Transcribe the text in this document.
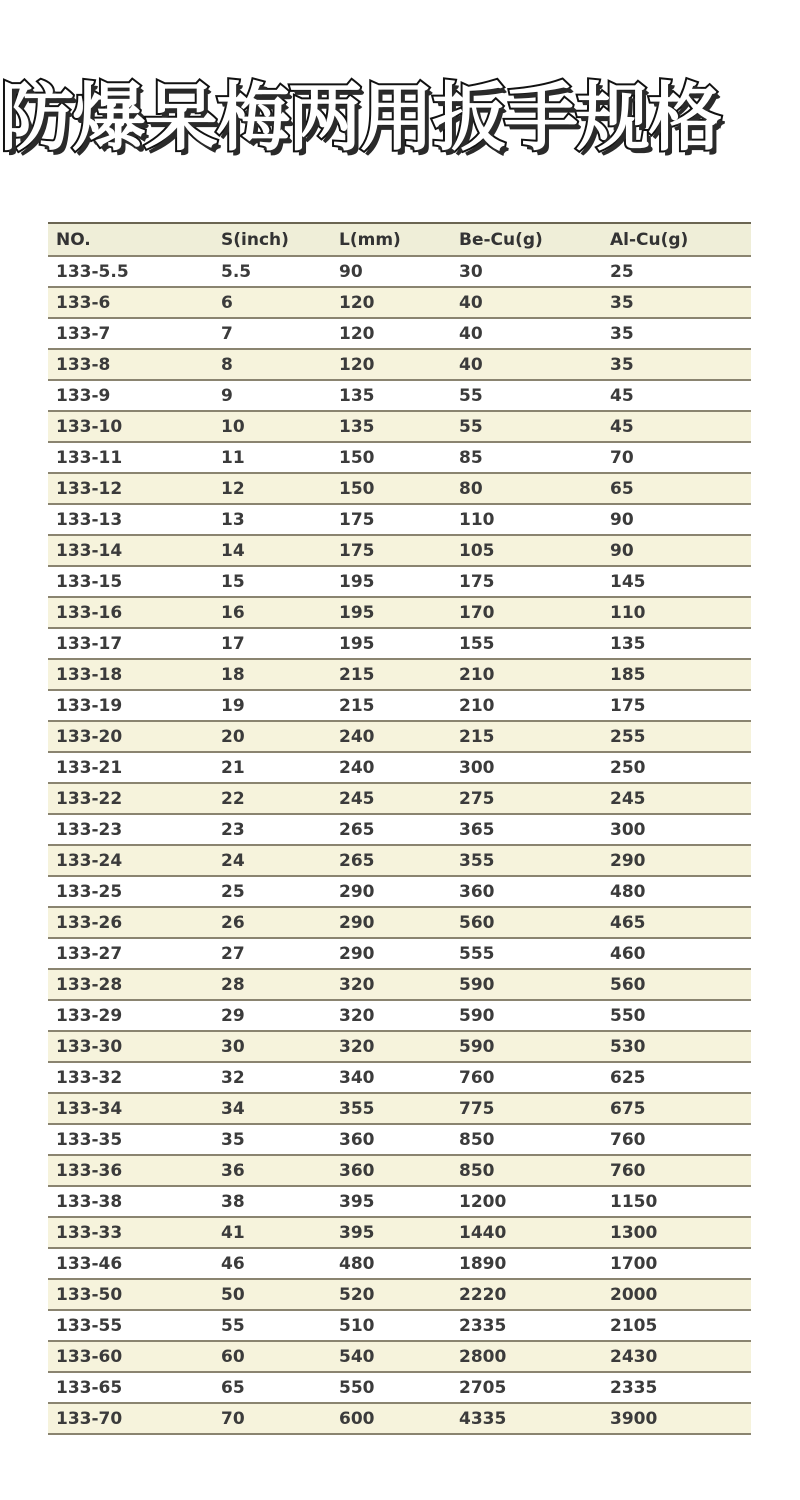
防爆呆梅两用扳手规格
NO.	S(inch)	L(mm)	Be-Cu(g)	Al-Cu(g)
133-5.5	5.5	90	30	25
133-6	6	120	40	35
133-7	7	120	40	35
133-8	8	120	40	35
133-9	9	135	55	45
133-10	10	135	55	45
133-11	11	150	85	70
133-12	12	150	80	65
133-13	13	175	110	90
133-14	14	175	105	90
133-15	15	195	175	145
133-16	16	195	170	110
133-17	17	195	155	135
133-18	18	215	210	185
133-19	19	215	210	175
133-20	20	240	215	255
133-21	21	240	300	250
133-22	22	245	275	245
133-23	23	265	365	300
133-24	24	265	355	290
133-25	25	290	360	480
133-26	26	290	560	465
133-27	27	290	555	460
133-28	28	320	590	560
133-29	29	320	590	550
133-30	30	320	590	530
133-32	32	340	760	625
133-34	34	355	775	675
133-35	35	360	850	760
133-36	36	360	850	760
133-38	38	395	1200	1150
133-33	41	395	1440	1300
133-46	46	480	1890	1700
133-50	50	520	2220	2000
133-55	55	510	2335	2105
133-60	60	540	2800	2430
133-65	65	550	2705	2335
133-70	70	600	4335	3900
